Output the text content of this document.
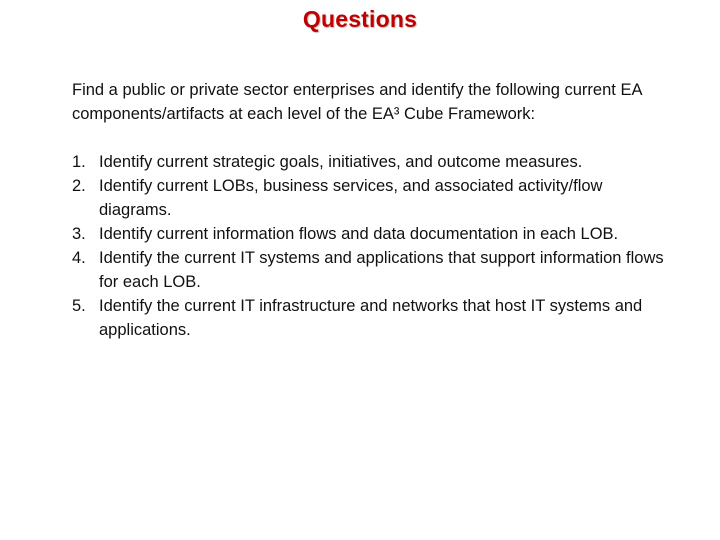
Questions

Find a public or private sector enterprises and identify the following current EA components/artifacts at each level of the EA³ Cube Framework:

1. Identify current strategic goals, initiatives, and outcome measures.
2. Identify current LOBs, business services, and associated activity/flow diagrams.
3. Identify current information flows and data documentation in each LOB.
4. Identify the current IT systems and applications that support information flows for each LOB.
5. Identify the current IT infrastructure and networks that host IT systems and applications.
